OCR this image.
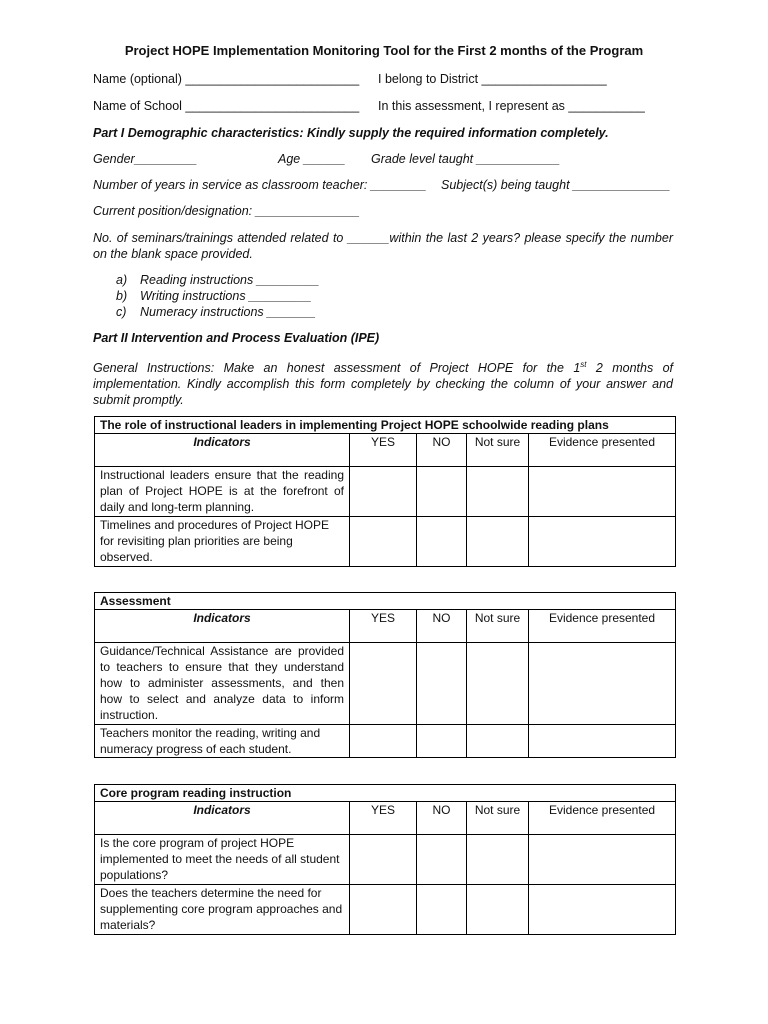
Project HOPE Implementation Monitoring Tool for the First 2 months of the Program
Name (optional) _________________________ I belong to District __________________
Name of School _________________________ In this assessment, I represent as ___________
Part I Demographic characteristics: Kindly supply the required information completely.
Gender_________	Age ______ Grade level taught ____________
Number of years in service as classroom teacher: ________ Subject(s) being taught ______________
Current position/designation: _______________
No. of seminars/trainings attended related to ______within the last 2 years? please specify the number on the blank space provided.
a) Reading instructions _________
b) Writing instructions _________
c) Numeracy instructions _______
Part II Intervention and Process Evaluation (IPE)
General Instructions: Make an honest assessment of Project HOPE for the 1st 2 months of implementation. Kindly accomplish this form completely by checking the column of your answer and submit promptly.
The role of instructional leaders in implementing Project HOPE schoolwide reading plans				
Indicators	YES	NO	Not sure	Evidence presented
Instructional leaders ensure that the reading plan of Project HOPE is at the forefront of daily and long-term planning.				
Timelines and procedures of Project HOPE for revisiting plan priorities are being observed.				
Assessment				
Indicators	YES	NO	Not sure	Evidence presented
Guidance/Technical Assistance are provided to teachers to ensure that they understand how to administer assessments, and then how to select and analyze data to inform instruction.				
Teachers monitor the reading, writing and numeracy progress of each student.				
Core program reading instruction				
Indicators	YES	NO	Not sure	Evidence presented
Is the core program of project HOPE implemented to meet the needs of all student populations?				
Does the teachers determine the need for supplementing core program approaches and materials?				
